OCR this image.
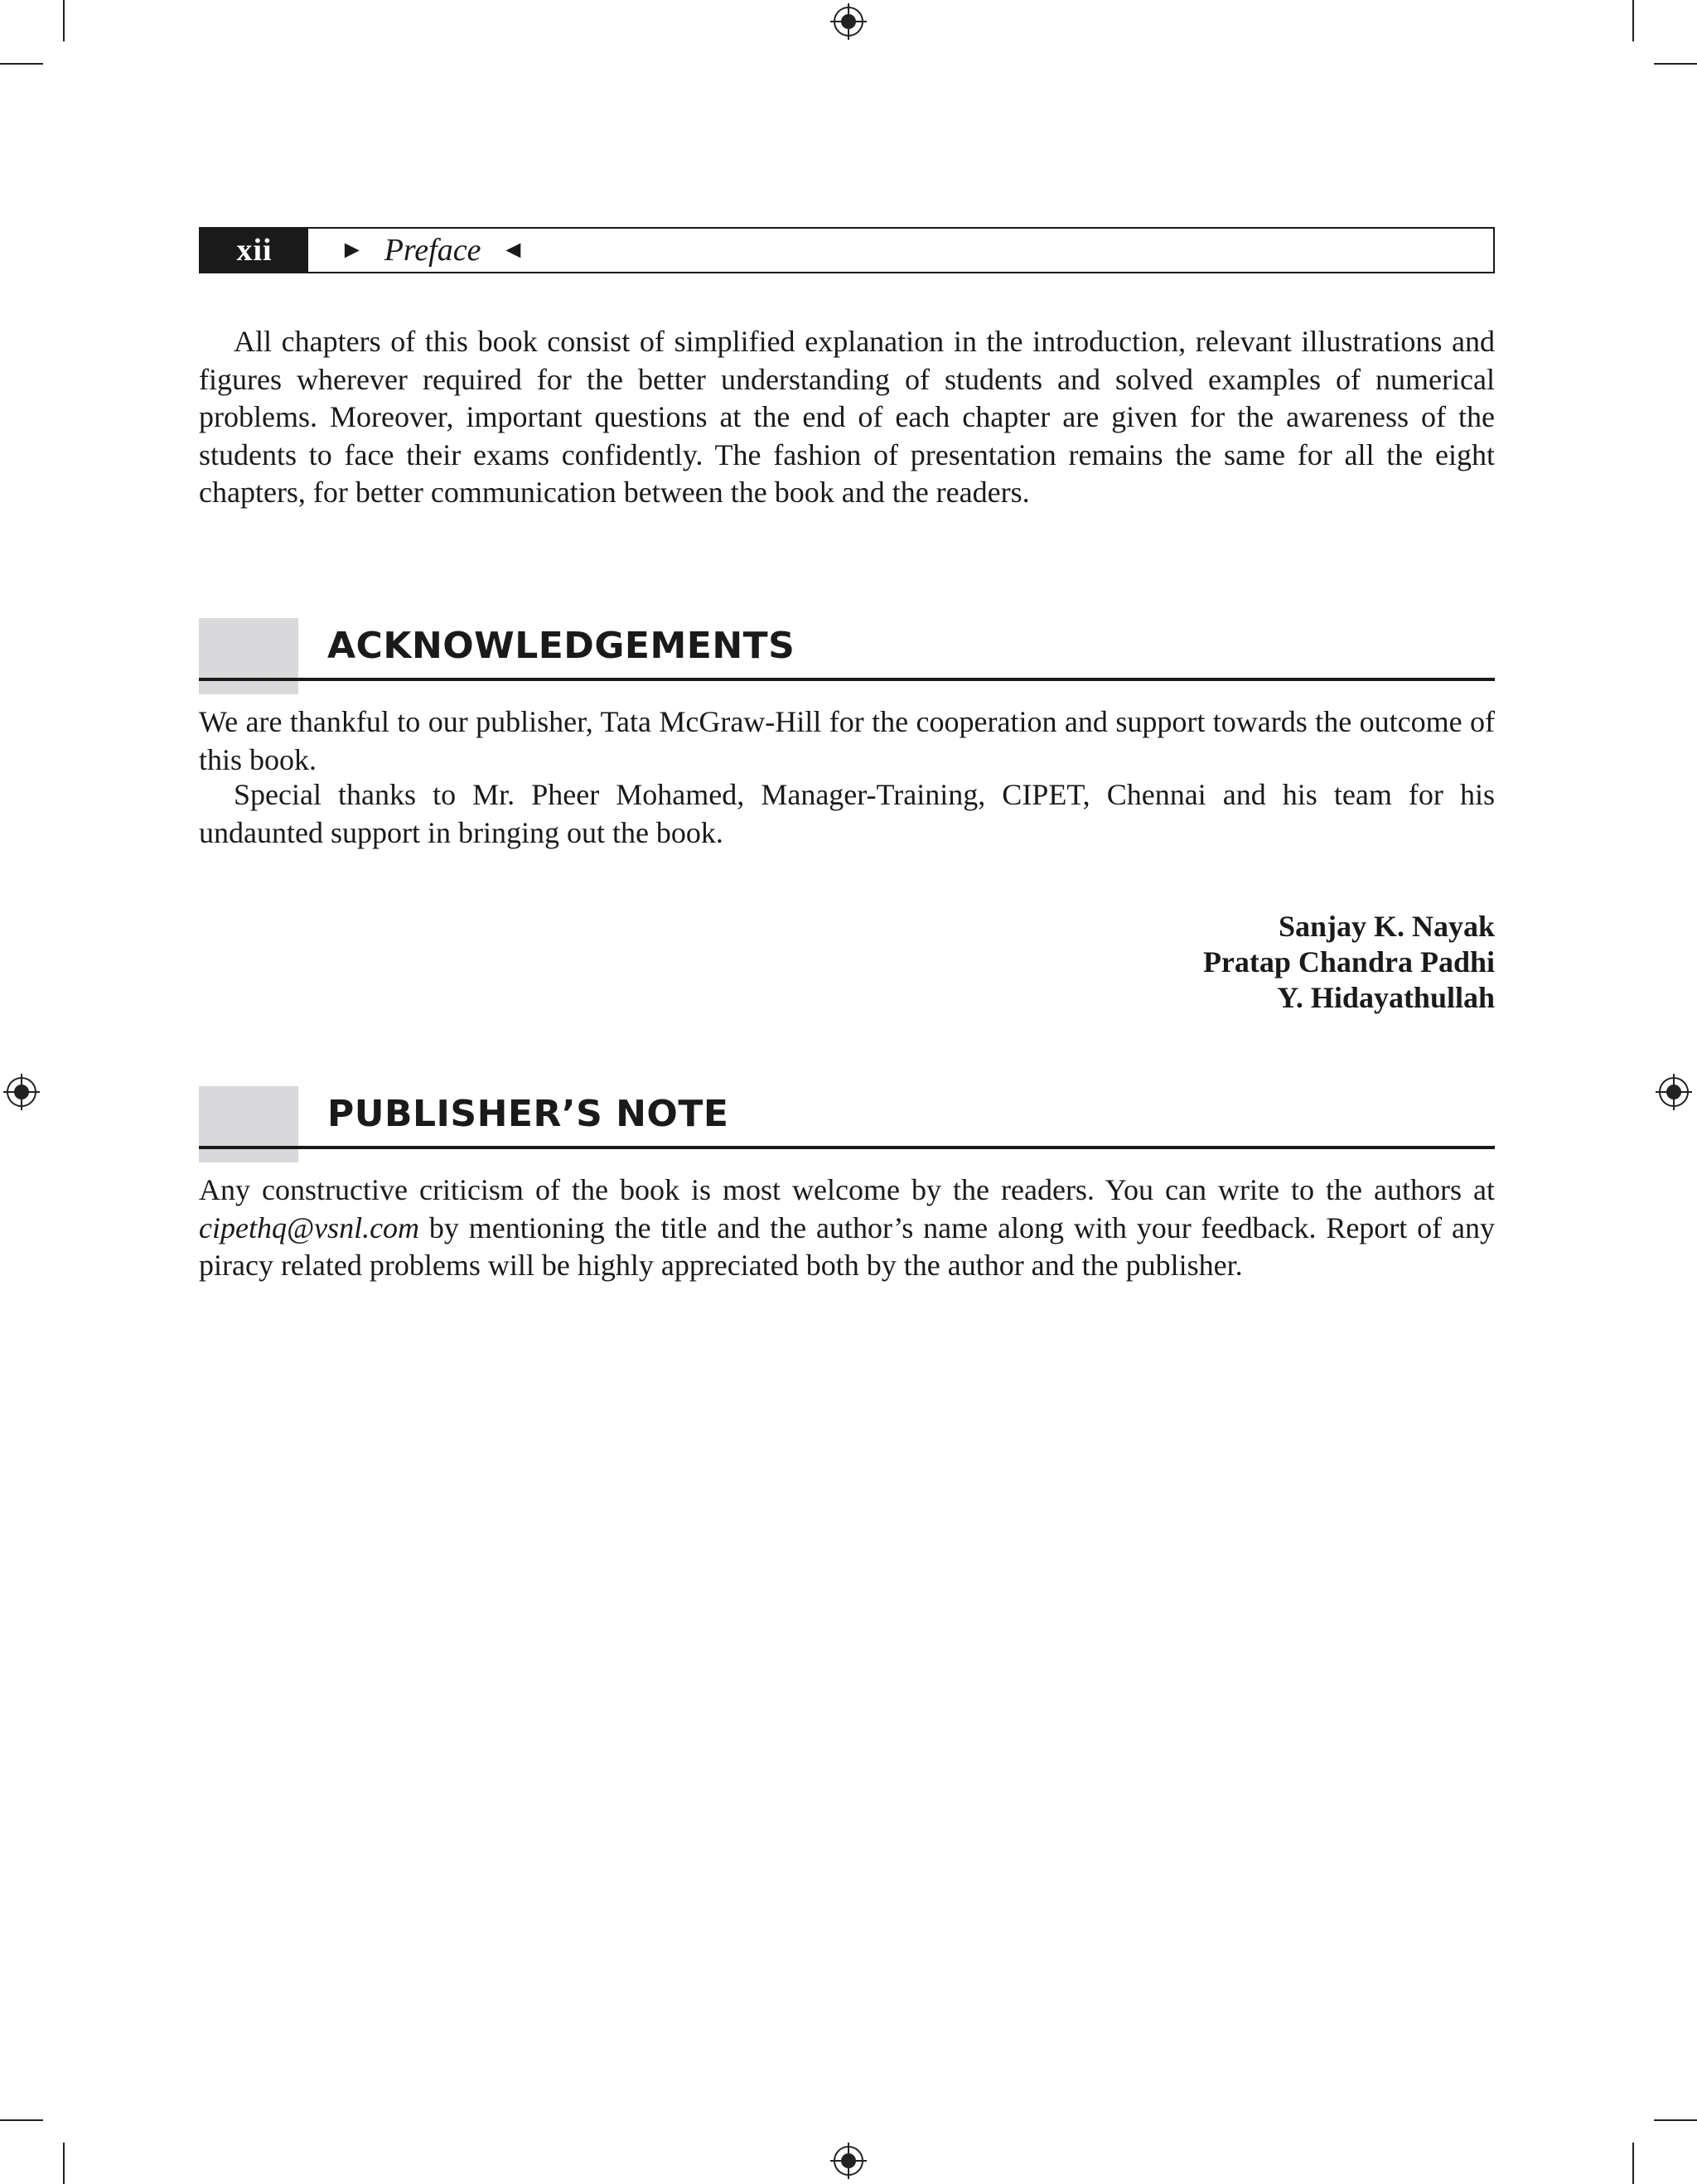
xii	► Preface ◄

All chapters of this book consist of simplified explanation in the introduction, relevant illustrations and figures wherever required for the better understanding of students and solved examples of numerical problems. Moreover, important questions at the end of each chapter are given for the awareness of the students to face their exams confidently. The fashion of presentation remains the same for all the eight chapters, for better communication between the book and the readers.

ACKNOWLEDGEMENTS

We are thankful to our publisher, Tata McGraw-Hill for the cooperation and support towards the outcome of this book.

Special thanks to Mr. Pheer Mohamed, Manager-Training, CIPET, Chennai and his team for his undaunted support in bringing out the book.

Sanjay K. Nayak
Pratap Chandra Padhi
Y. Hidayathullah
PUBLISHER’S NOTE

Any constructive criticism of the book is most welcome by the readers. You can write to the authors at cipethq@vsnl.com by mentioning the title and the author’s name along with your feedback. Report of any piracy related problems will be highly appreciated both by the author and the publisher.
